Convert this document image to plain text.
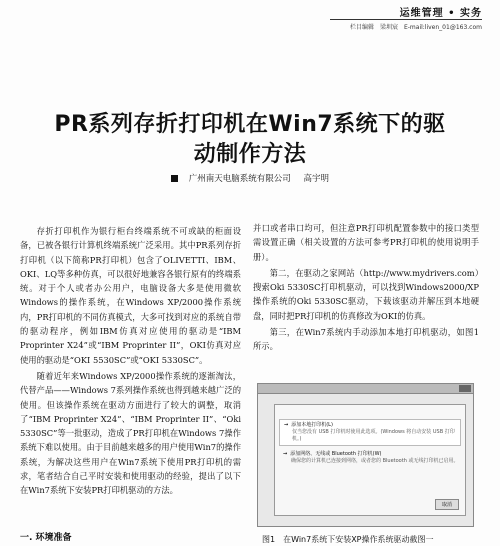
运维管理 • 实务
栏目编辑　梁圳宸　E-mail:liven_01@163.com
PR系列存折打印机在Win7系统下的驱
动制作方法
广州南天电脑系统有限公司 高宇明

存折打印机作为银行柜台终端系统不可或缺的柜面设备，已被各银行计算机终端系统广泛采用。其中PR系列存折打印机（以下简称PR打印机）包含了OLIVETTI、IBM、OKI、LQ等多种仿真，可以很好地兼容各银行原有的终端系统。对于个人或者办公用户，电脑设备大多是使用微软Windows的操作系统，在Windows XP/2000操作系统内，PR打印机的不同仿真模式，大多可找到对应的系统自带的驱动程序，例如IBM仿真对应使用的驱动是“IBM Proprinter X24”或“IBM Proprinter II”，OKI仿真对应使用的驱动是“OKI 5530SC”或“OKI 5330SC”。

随着近年来Windows XP/2000操作系统的逐渐淘汰，代替产品——Windows 7系列操作系统也得到越来越广泛的使用。但该操作系统在驱动方面进行了较大的调整，取消了“IBM Proprinter X24”、“IBM Proprinter II”、“Oki 5330SC”等一批驱动，造成了PR打印机在Windows 7操作系统下难以使用。由于目前越来越多的用户使用Win7的操作系统，为解决这些用户在Win7系统下使用PR打印机的需求，笔者结合自己平时安装和使用驱动的经验，提出了以下在Win7系统下安装PR打印机驱动的方法。

一. 环境准备

并口或者串口均可，但注意PR打印机配置参数中的接口类型需设置正确（相关设置的方法可参考PR打印机的使用说明手册）。

第二，在驱动之家网站（http://www.mydrivers.com）搜索Oki 5330SC打印机驱动，可以找到Windows2000/XP操作系统的Oki 5330SC驱动，下载该驱动并解压到本地硬盘，同时把PR打印机的仿真修改为OKI的仿真。

第三，在Win7系统内手动添加本地打印机驱动，如图1所示。

→ 添加本地打印机(L)
仅当您没有 USB 打印机时使用此选项。(Windows 将自动安装 USB 打印机。)
→ 添加网络、无线或 Bluetooth 打印机(W)
确保您的计算机已连接到网络，或者您的 Bluetooth 或无线打印机已启用。
取消
图1　在Win7系统下安装XP操作系统驱动截图一
